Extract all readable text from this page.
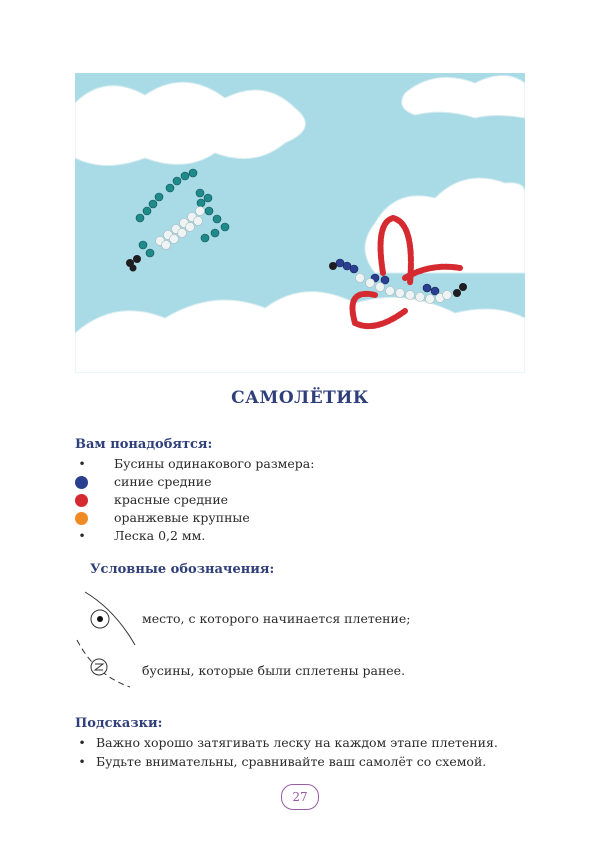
САМОЛЁТИК
Вам понадобятся:
• Бусины одинакового размера:
синие средние
красные средние
оранжевые крупные
• Леска 0,2 мм.
Условные обозначения:
место, с которого начинается плетение;
бусины, которые были сплетены ранее.
Подсказки:
• Важно хорошо затягивать леску на каждом этапе плетения.
• Будьте внимательны, сравнивайте ваш самолёт со схемой.
27
